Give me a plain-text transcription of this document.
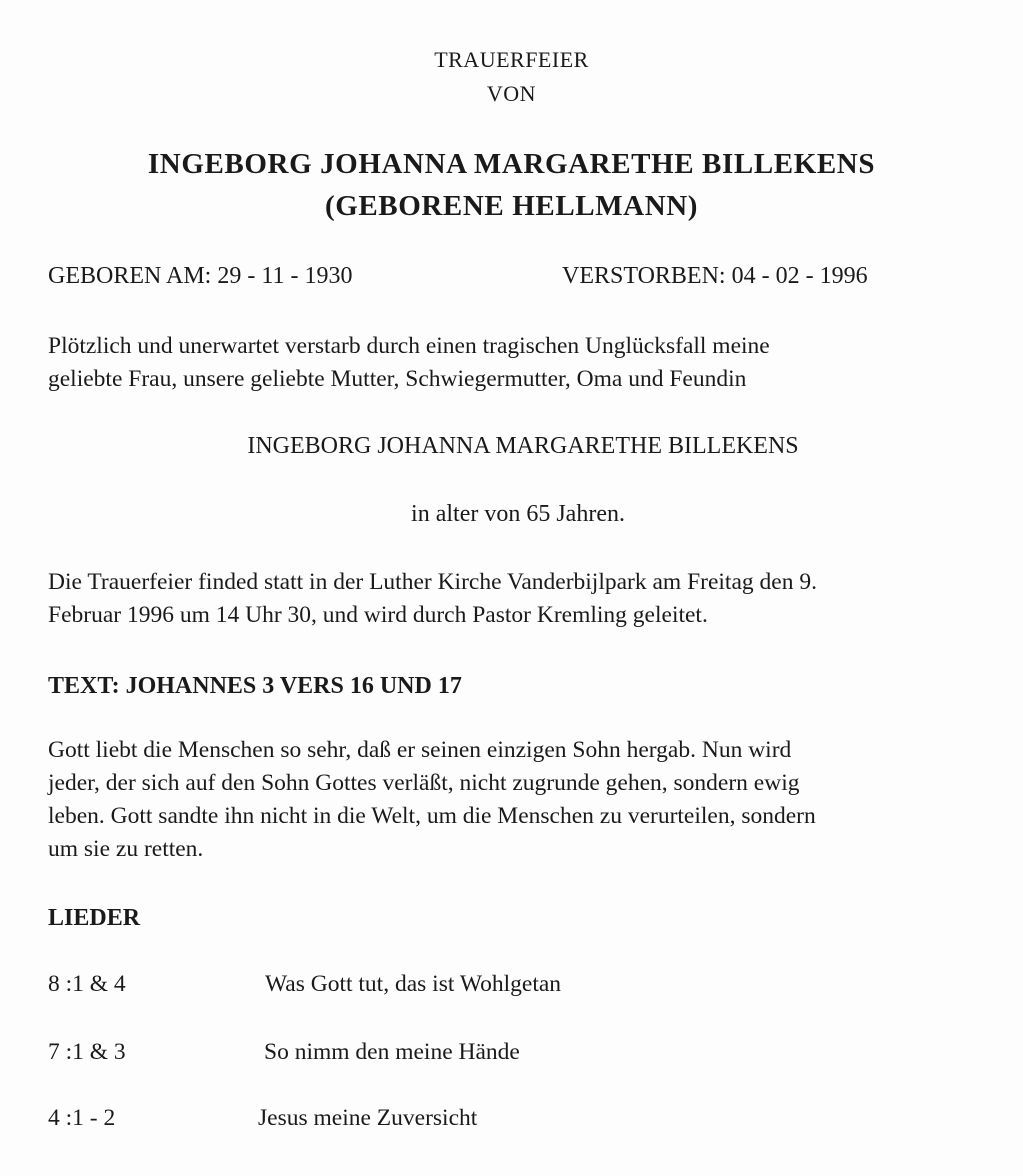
TRAUERFEIER
VON
INGEBORG JOHANNA MARGARETHE BILLEKENS
(GEBORENE HELLMANN)
GEBOREN AM: 29 - 11 - 1930	VERSTORBEN: 04 - 02 - 1996
Plötzlich und unerwartet verstarb durch einen tragischen Unglücksfall meine
geliebte Frau, unsere geliebte Mutter, Schwiegermutter, Oma und Feundin
INGEBORG JOHANNA MARGARETHE BILLEKENS
in alter von 65 Jahren.
Die Trauerfeier finded statt in der Luther Kirche Vanderbijlpark am Freitag den 9.
Februar 1996 um 14 Uhr 30, und wird durch Pastor Kremling geleitet.
TEXT: JOHANNES 3 VERS 16 UND 17
Gott liebt die Menschen so sehr, daß er seinen einzigen Sohn hergab. Nun wird
jeder, der sich auf den Sohn Gottes verläßt, nicht zugrunde gehen, sondern ewig
leben. Gott sandte ihn nicht in die Welt, um die Menschen zu verurteilen, sondern
um sie zu retten.
LIEDER
8 :1 & 4	Was Gott tut, das ist Wohlgetan
7 :1 & 3	So nimm den meine Hände
4 :1 - 2	Jesus meine Zuversicht
